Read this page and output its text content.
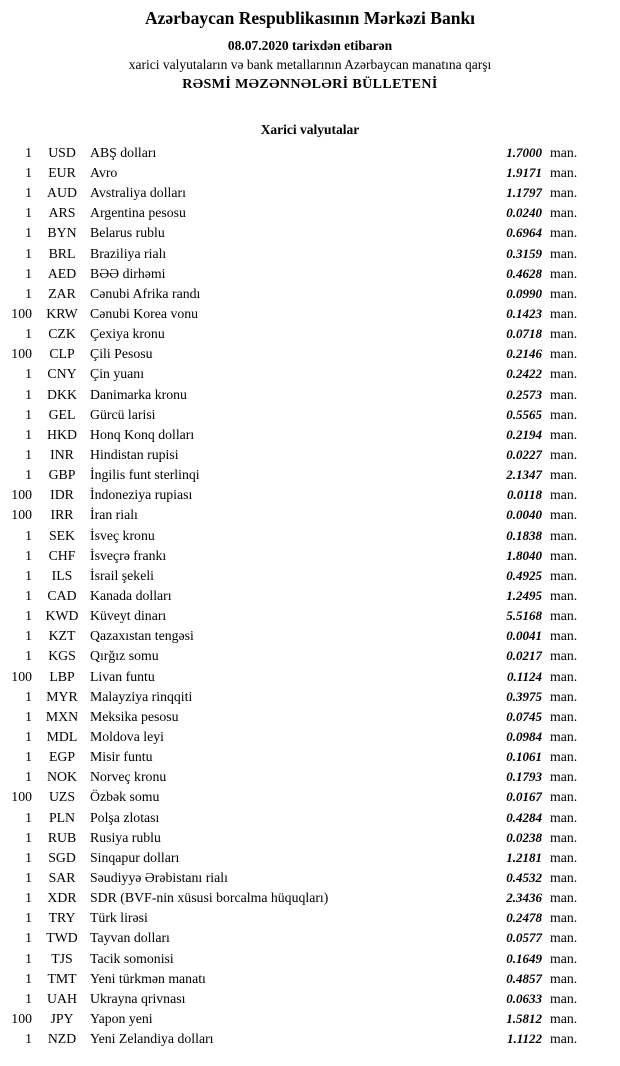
Azərbaycan Respublikasının Mərkəzi Bankı
08.07.2020 tarixdən etibarən
xarici valyutaların və bank metallarının Azərbaycan manatına qarşı
RƏSMİ MƏZƏNNƏLƏRİ BÜLLETENİ
Xarici valyutalar
1	USD	ABŞ dolları	1.7000 man.
1	EUR	Avro	1.9171 man.
1	AUD Avstraliya dolları	1.1797 man.
1	ARS	Argentina pesosu	0.0240 man.
1	BYN Belarus rublu	0.6964 man.
1	BRL	Braziliya rialı	0.3159 man.
1	AED	BƏƏ dirhəmi	0.4628 man.
1	ZAR	Cənubi Afrika randı	0.0990 man.
100	KRW Cənubi Korea vonu	0.1423 man.
1	CZK	Çexiya kronu	0.0718 man.
100	CLP	Çili Pesosu	0.2146 man.
1	CNY Çin yuanı	0.2422 man.
1	DKK Danimarka kronu	0.2573 man.
1	GEL	Gürcü larisi	0.5565 man.
1	HKD Honq Konq dolları	0.2194 man.
1	INR	Hindistan rupisi	0.0227 man.
1	GBP	İngilis funt sterlinqi	2.1347 man.
100	IDR	İndoneziya rupiası	0.0118 man.
100	IRR	İran rialı	0.0040 man.
1	SEK	İsveç kronu	0.1838 man.
1	CHF	İsveçrə frankı	1.8040 man.
1	ILS	İsrail şekeli	0.4925 man.
1	CAD Kanada dolları	1.2495 man.
1 KWD Küveyt dinarı	5.5168 man.
1	KZT	Qazaxıstan tengəsi	0.0041 man.
1	KGS	Qırğız somu	0.0217 man.
100	LBP	Livan funtu	0.1124 man.
1	MYR Malayziya rinqqiti	0.3975 man.
1	MXN Meksika pesosu	0.0745 man.
1	MDL Moldova leyi	0.0984 man.
1	EGP	Misir funtu	0.1061 man.
1	NOK Norveç kronu	0.1793 man.
100	UZS	Özbək somu	0.0167 man.
1	PLN	Polşa zlotası	0.4284 man.
1	RUB	Rusiya rublu	0.0238 man.
1	SGD	Sinqapur dolları	1.2181 man.
1	SAR	Səudiyyə Ərəbistanı rialı	0.4532 man.
1	XDR SDR (BVF-nin xüsusi borcalma hüquqları)	2.3436 man.
1	TRY	Türk lirəsi	0.2478 man.
1	TWD Tayvan dolları	0.0577 man.
1	TJS	Tacik somonisi	0.1649 man.
1	TMT Yeni türkmən manatı	0.4857 man.
1	UAH Ukrayna qrivnası	0.0633 man.
100	JPY	Yapon yeni	1.5812 man.
1	NZD	Yeni Zelandiya dolları	1.1122 man.
